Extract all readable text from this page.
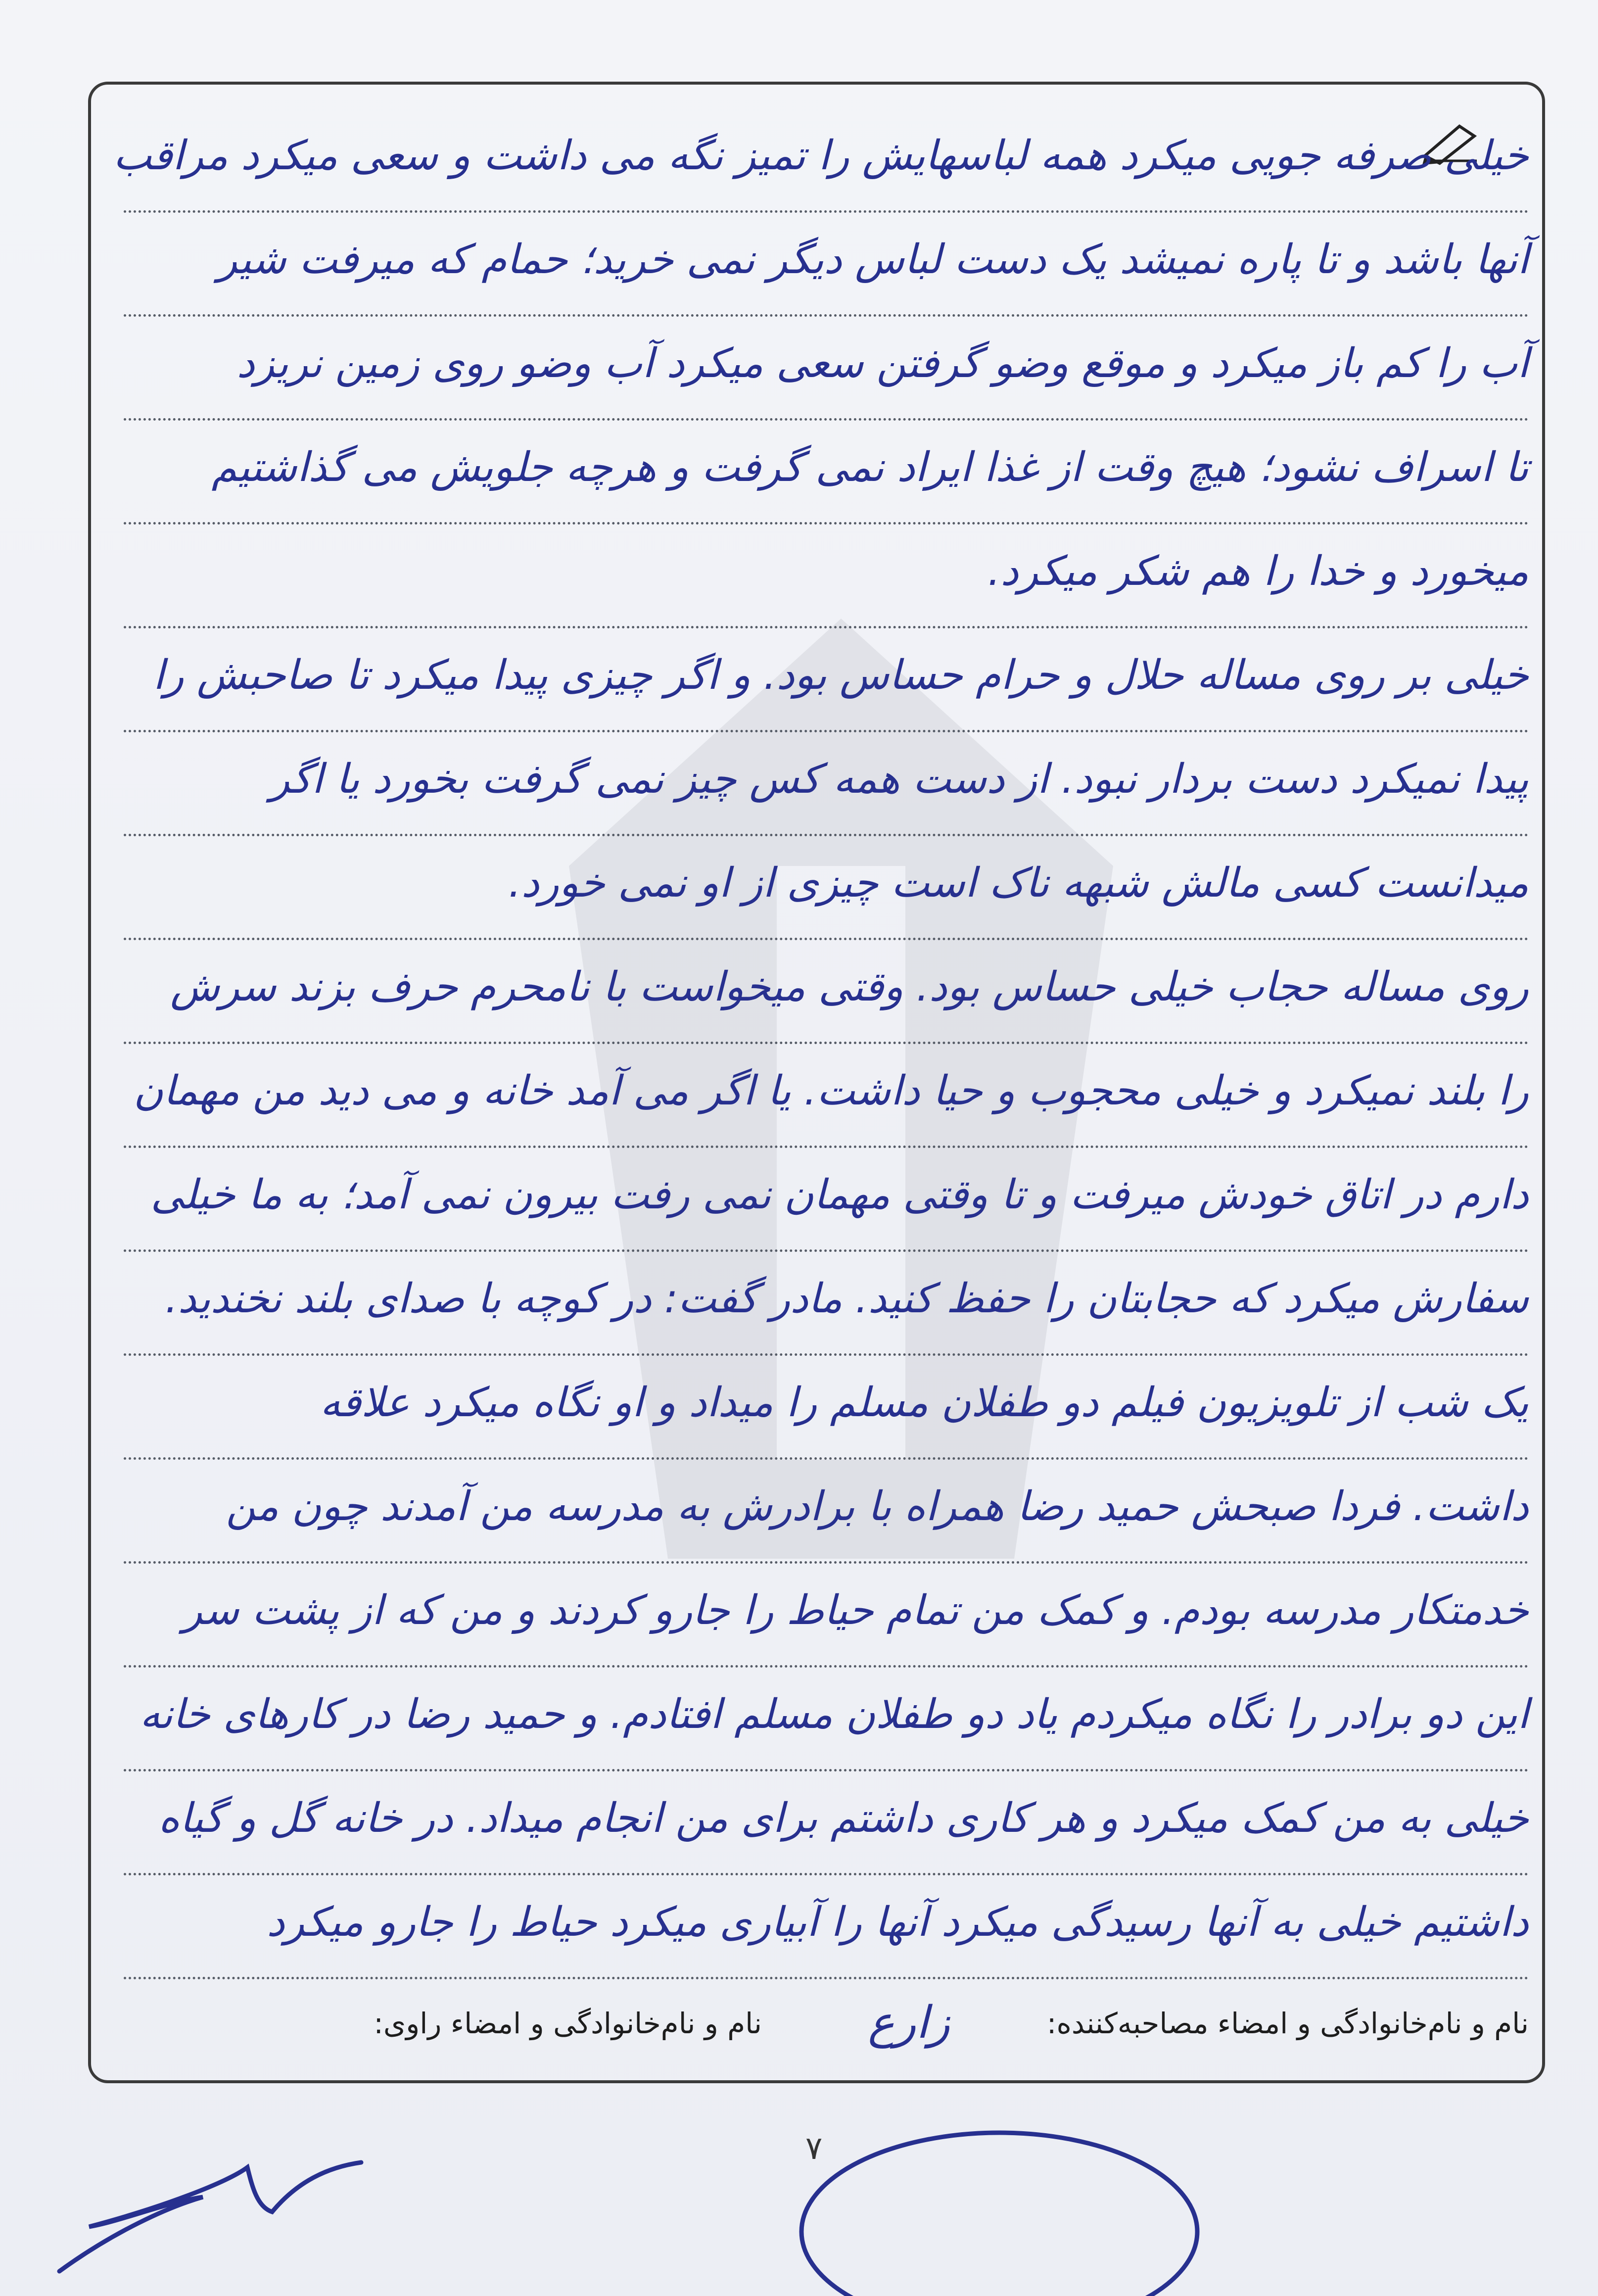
خیلی صرفه جویی میکرد همه لباسهایش را تمیز نگه می داشت و سعی میکرد مراقب
آنها باشد و تا پاره نمیشد یک دست لباس دیگر نمی خرید؛ حمام که میرفت شیر
آب را کم باز میکرد و موقع وضو گرفتن سعی میکرد آب وضو روی زمین نریزد
تا اسراف نشود؛ هیچ وقت از غذا ایراد نمی گرفت و هرچه جلویش می گذاشتیم
میخورد و خدا را هم شکر میکرد.
خیلی بر روی مساله حلال و حرام حساس بود. و اگر چیزی پیدا میکرد تا صاحبش را
پیدا نمیکرد دست بردار نبود. از دست همه کس چیز نمی گرفت بخورد یا اگر
میدانست کسی مالش شبهه ناک است چیزی از او نمی خورد.
روی مساله حجاب خیلی حساس بود. وقتی میخواست با نامحرم حرف بزند سرش
را بلند نمیکرد و خیلی محجوب و حیا داشت. یا اگر می آمد خانه و می دید من مهمان
دارم در اتاق خودش میرفت و تا وقتی مهمان نمی رفت بیرون نمی آمد؛ به ما خیلی
سفارش میکرد که حجابتان را حفظ کنید. مادر گفت: در کوچه با صدای بلند نخندید.
یک شب از تلویزیون فیلم دو طفلان مسلم را میداد و او نگاه میکرد علاقه
داشت. فردا صبحش حمید رضا همراه با برادرش به مدرسه من آمدند چون من
خدمتکار مدرسه بودم. و کمک من تمام حیاط را جارو کردند و من که از پشت سر
این دو برادر را نگاه میکردم یاد دو طفلان مسلم افتادم. و حمید رضا در کارهای خانه
خیلی به من کمک میکرد و هر کاری داشتم برای من انجام میداد. در خانه گل و گیاه
داشتیم خیلی به آنها رسیدگی میکرد آنها را آبیاری میکرد حیاط را جارو میکرد
نام و نام‌خانوادگی و امضاء مصاحبه‌کننده:
زارع
نام و نام‌خانوادگی و امضاء راوی:
۷
